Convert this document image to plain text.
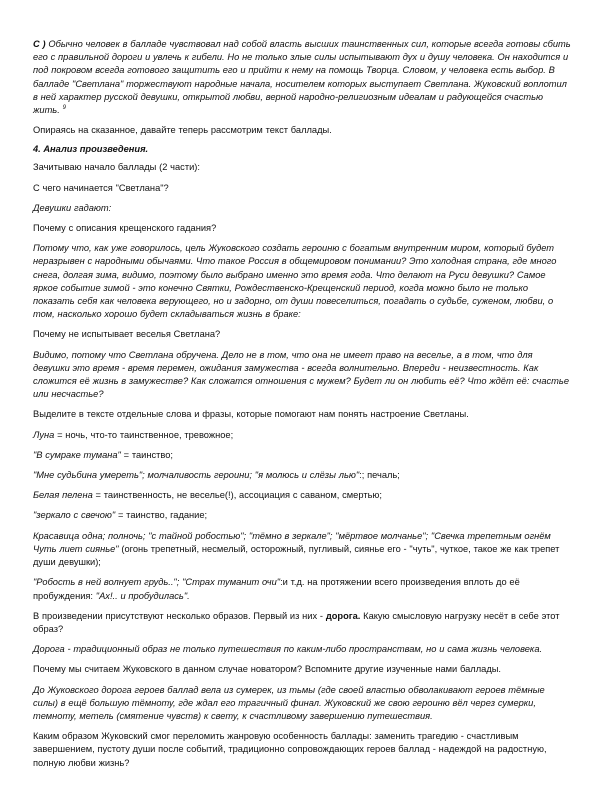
С ) Обычно человек в балладе чувствовал над собой власть высших таинственных сил, которые всегда готовы сбить его с правильной дороги и увлечь к гибели. Но не только злые силы испытывают дух и душу человека. Он находится и под покровом всегда готового защитить его и прийти к нему на помощь Творца. Словом, у человека есть выбор. В балладе "Светлана" торжествуют народные начала, носителем которых выступает Светлана. Жуковский воплотил в ней характер русской девушки, открытой любви, верной народно-религиозным идеалам и радующейся счастью жить. $^9$

Опираясь на сказанное, давайте теперь рассмотрим текст баллады.

4. Анализ произведения.

Зачитываю начало баллады (2 части):

С чего начинается "Светлана"?

Девушки гадают:

Почему с описания крещенского гадания?

Потому что, как уже говорилось, цель Жуковского создать героиню с богатым внутренним миром, который будет неразрывен с народными обычаями. Что такое Россия в общемировом понимании? Это холодная страна, где много снега, долгая зима, видимо, поэтому было выбрано именно это время года. Что делают на Руси девушки? Самое яркое событие зимой - это конечно Святки, Рождественско-Крещенский период, когда можно было не только показать себя как человека верующего, но и задорно, от души повеселиться, погадать о судьбе, суженом, любви, о том, насколько хорошо будет складываться жизнь в браке:

Почему не испытывает веселья Светлана?

Видимо, потому что Светлана обручена. Дело не в том, что она не имеет право на веселье, а в том, что для девушки это время - время перемен, ожидания замужества - всегда волнительно. Впереди - неизвестность. Как сложится её жизнь в замужестве? Как сложатся отношения с мужем? Будет ли он любить её? Что ждёт её: счастье или несчастье?

Выделите в тексте отдельные слова и фразы, которые помогают нам понять настроение Светланы.

Луна = ночь, что-то таинственное, тревожное;

"В сумраке тумана" = таинство;

"Мне судьбина умереть"; молчаливость героини; "я молюсь и слёзы лью":; печаль;

Белая пелена = таинственность, не веселье(!), ассоциация с саваном, смертью;

"зеркало с свечою" = таинство, гадание;

Красавица одна; полночь; "с тайной робостью"; "тёмно в зеркале"; "мёртвое молчанье"; "Свечка трепетным огнём Чуть лиет сиянье" (огонь трепетный, несмелый, осторожный, пугливый, сиянье его - "чуть", чуткое, такое же как трепет души девушки);

"Робость в ней волнует грудь.."; "Страх туманит очи":и т.д. на протяжении всего произведения вплоть до её пробуждения: "Ах!.. и пробудилась".

В произведении присутствуют несколько образов. Первый из них - дорога. Какую смысловую нагрузку несёт в себе этот образ?

Дорога - традиционный образ не только путешествия по каким-либо пространствам, но и сама жизнь человека.

Почему мы считаем Жуковского в данном случае новатором? Вспомните другие изученные нами баллады.

До Жуковского дорога героев баллад вела из сумерек, из тьмы (где своей властью обволакивают героев тёмные силы) в ещё большую тёмноту, где ждал его трагичный финал. Жуковский же свою героиню вёл через сумерки, темноту, метель (смятение чувств) к свету, к счастливому завершению путешествия.

Каким образом Жуковский смог переломить жанровую особенность баллады: заменить трагедию - счастливым завершением, пустоту души после событий, традиционно сопровождающих героев баллад - надеждой на радостную, полную любви жизнь?
